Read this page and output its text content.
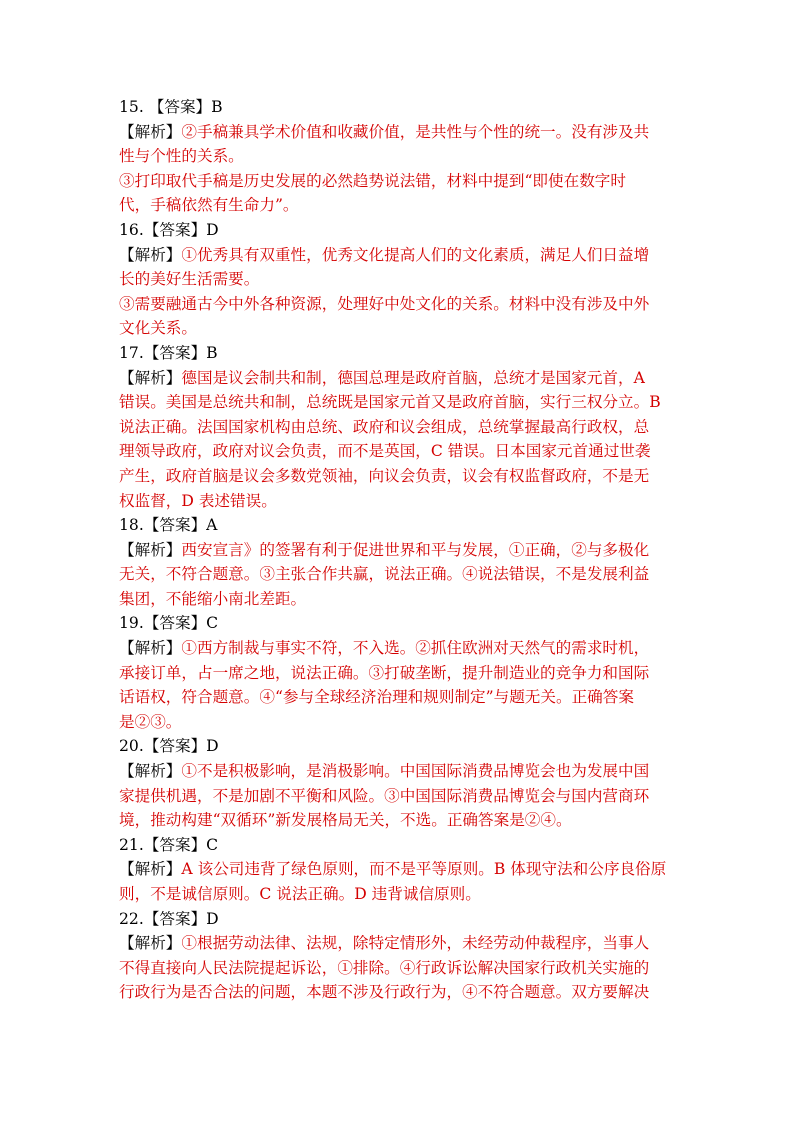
15. 【答案】B
【解析】②手稿兼具学术价值和收藏价值，是共性与个性的统一。没有涉及共
性与个性的关系。
③打印取代手稿是历史发展的必然趋势说法错，材料中提到“即使在数字时
代，手稿依然有生命力”。
16.【答案】D
【解析】①优秀具有双重性，优秀文化提高人们的文化素质，满足人们日益增
长的美好生活需要。
③需要融通古今中外各种资源，处理好中处文化的关系。材料中没有涉及中外
文化关系。
17.【答案】B
【解析】德国是议会制共和制，德国总理是政府首脑，总统才是国家元首，A
错误。美国是总统共和制，总统既是国家元首又是政府首脑，实行三权分立。B
说法正确。法国国家机构由总统、政府和议会组成，总统掌握最高行政权，总
理领导政府，政府对议会负责，而不是英国，C 错误。日本国家元首通过世袭
产生，政府首脑是议会多数党领袖，向议会负责，议会有权监督政府，不是无
权监督，D 表述错误。
18.【答案】A
【解析】西安宣言》的签署有利于促进世界和平与发展，①正确，②与多极化
无关，不符合题意。③主张合作共赢，说法正确。④说法错误，不是发展利益
集团，不能缩小南北差距。
19.【答案】C
【解析】①西方制裁与事实不符，不入选。②抓住欧洲对天然气的需求时机，
承接订单，占一席之地，说法正确。③打破垄断，提升制造业的竞争力和国际
话语权，符合题意。④“参与全球经济治理和规则制定”与题无关。正确答案
是②③。
20.【答案】D
【解析】①不是积极影响，是消极影响。中国国际消费品博览会也为发展中国
家提供机遇，不是加剧不平衡和风险。③中国国际消费品博览会与国内营商环
境，推动构建“双循环”新发展格局无关，不选。正确答案是②④。
21.【答案】C
【解析】A 该公司违背了绿色原则，而不是平等原则。B 体现守法和公序良俗原
则，不是诚信原则。C 说法正确。D 违背诚信原则。
22.【答案】D
【解析】①根据劳动法律、法规，除特定情形外，未经劳动仲裁程序，当事人
不得直接向人民法院提起诉讼，①排除。④行政诉讼解决国家行政机关实施的
行政行为是否合法的问题，本题不涉及行政行为，④不符合题意。双方要解决
